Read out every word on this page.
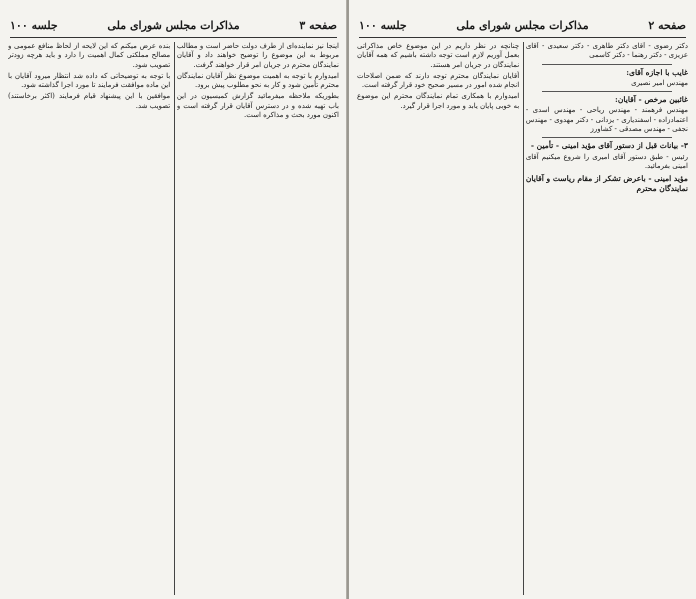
صفحه ۳
مذاکرات مجلس شورای ملی
جلسه ۱۰۰

اینجا نیز نماینده‌ای از طرف دولت حاضر است و مطالب مربوط به این موضوع را توضیح خواهند داد و آقایان نمایندگان محترم در جریان امر قرار خواهند گرفت.

امیدوارم با توجه به اهمیت موضوع نظر آقایان نمایندگان محترم تأمین شود و کار به نحو مطلوب پیش برود.

بطوریکه ملاحظه میفرمائید گزارش کمیسیون در این باب تهیه شده و در دسترس آقایان قرار گرفته است و اکنون مورد بحث و مذاکره است.

بنده عرض میکنم که این لایحه از لحاظ منافع عمومی و مصالح مملکتی کمال اهمیت را دارد و باید هرچه زودتر تصویب شود.

با توجه به توضیحاتی که داده شد انتظار میرود آقایان با این ماده موافقت فرمایند تا مورد اجرا گذاشته شود.

موافقین با این پیشنهاد قیام فرمایند (اکثر برخاستند) تصویب شد.

صفحه ۲
مذاکرات مجلس شورای ملی
جلسه ۱۰۰

دکتر رضوی - آقای دکتر طاهری - دکتر سعیدی - آقای عزیزی - دکتر رهنما - دکتر کاسمی

غایب با اجازه آقای:

مهندس امیر نصیری

غائبین مرخص - آقایان:

مهندس فرهمند - مهندس ریاحی - مهندس اسدی - اعتمادزاده - اسفندیاری - یزدانی - دکتر مهدوی - مهندس نجفی - مهندس مصدقی - کشاورز

۳- بیانات قبل از دستور آقای مؤید امینی - تأمین -

رئیس - طبق دستور آقای امیری را شروع میکنیم آقای امینی بفرمائید.

مؤید امینی - باعرض تشکر از مقام ریاست و آقایان نمایندگان محترم

چنانچه در نظر داریم در این موضوع خاص مذاکراتی بعمل آوریم لازم است توجه داشته باشیم که همه آقایان نمایندگان در جریان امر هستند.

آقایان نمایندگان محترم توجه دارند که ضمن اصلاحات انجام شده امور در مسیر صحیح خود قرار گرفته است.

امیدوارم با همکاری تمام نمایندگان محترم این موضوع به خوبی پایان یابد و مورد اجرا قرار گیرد.
